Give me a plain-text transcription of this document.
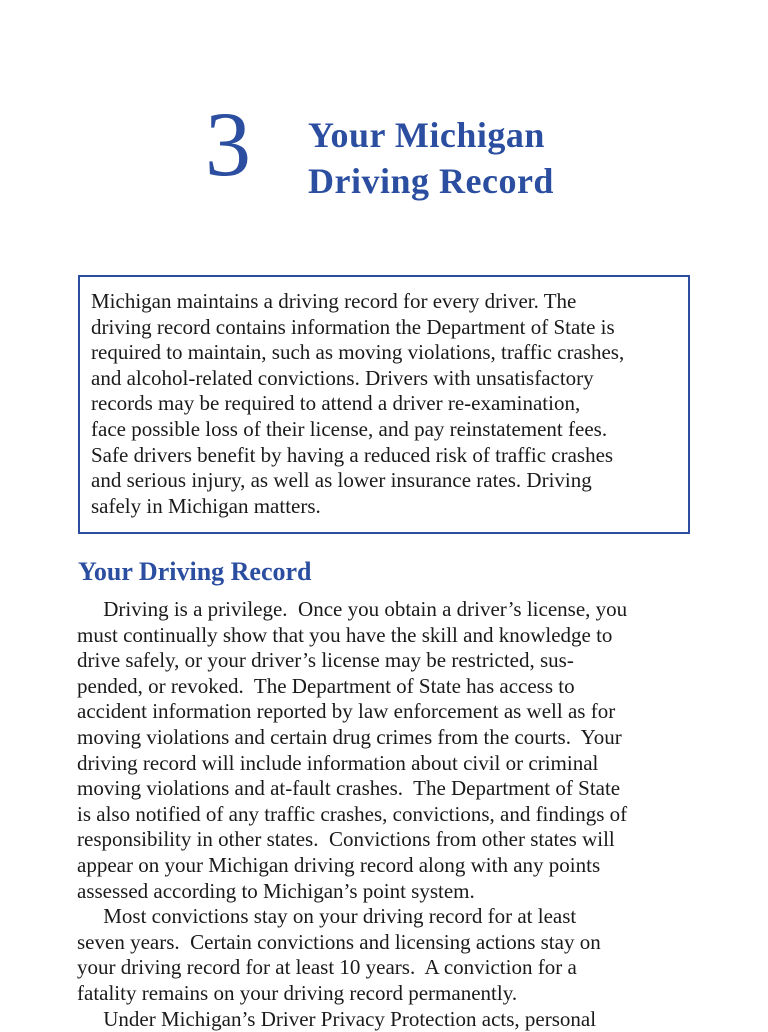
3 Your Michigan
Driving Record
Michigan maintains a driving record for every driver. The
driving record contains information the Department of State is
required to maintain, such as moving violations, traffic crashes,
and alcohol-related convictions. Drivers with unsatisfactory
records may be required to attend a driver re-examination,
face possible loss of their license, and pay reinstatement fees.
Safe drivers benefit by having a reduced risk of traffic crashes
and serious injury, as well as lower insurance rates. Driving
safely in Michigan matters.
Your Driving Record
Driving is a privilege.  Once you obtain a driver’s license, you
must continually show that you have the skill and knowledge to
drive safely, or your driver’s license may be restricted, sus-
pended, or revoked.  The Department of State has access to
accident information reported by law enforcement as well as for
moving violations and certain drug crimes from the courts.  Your
driving record will include information about civil or criminal
moving violations and at-fault crashes.  The Department of State
is also notified of any traffic crashes, convictions, and findings of
responsibility in other states.  Convictions from other states will
appear on your Michigan driving record along with any points
assessed according to Michigan’s point system.
Most convictions stay on your driving record for at least
seven years.  Certain convictions and licensing actions stay on
your driving record for at least 10 years.  A conviction for a
fatality remains on your driving record permanently.
Under Michigan’s Driver Privacy Protection acts, personal
